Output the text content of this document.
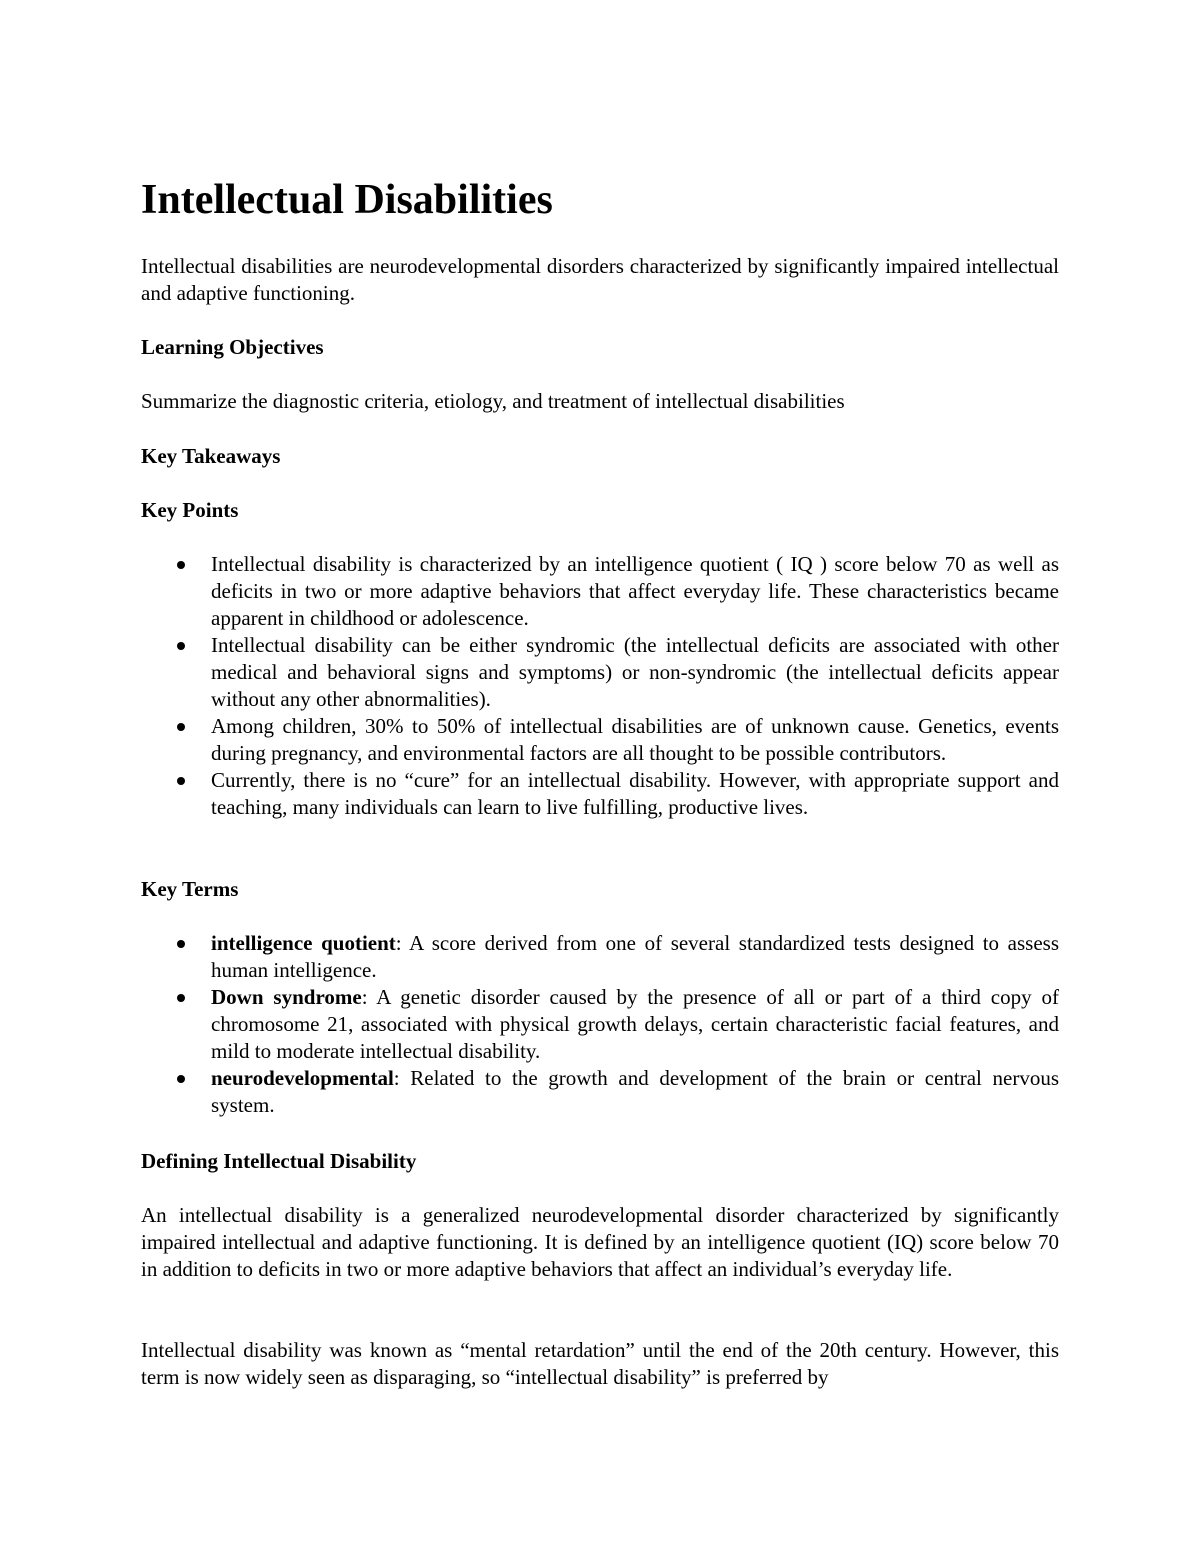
Intellectual Disabilities

Intellectual disabilities are neurodevelopmental disorders characterized by significantly impaired intellectual and adaptive functioning.

Learning Objectives

Summarize the diagnostic criteria, etiology, and treatment of intellectual disabilities

Key Takeaways

Key Points

Intellectual disability is characterized by an intelligence quotient ( IQ ) score below 70 as well as deficits in two or more adaptive behaviors that affect everyday life. These characteristics became apparent in childhood or adolescence.
Intellectual disability can be either syndromic (the intellectual deficits are associated with other medical and behavioral signs and symptoms) or non-syndromic (the intellectual deficits appear without any other abnormalities).
Among children, 30% to 50% of intellectual disabilities are of unknown cause. Genetics, events during pregnancy, and environmental factors are all thought to be possible contributors.
Currently, there is no “cure” for an intellectual disability. However, with appropriate support and teaching, many individuals can learn to live fulfilling, productive lives.

Key Terms

intelligence quotient: A score derived from one of several standardized tests designed to assess human intelligence.
Down syndrome: A genetic disorder caused by the presence of all or part of a third copy of chromosome 21, associated with physical growth delays, certain characteristic facial features, and mild to moderate intellectual disability.
neurodevelopmental: Related to the growth and development of the brain or central nervous system.

Defining Intellectual Disability

An intellectual disability is a generalized neurodevelopmental disorder characterized by significantly impaired intellectual and adaptive functioning. It is defined by an intelligence quotient (IQ) score below 70 in addition to deficits in two or more adaptive behaviors that affect an individual’s everyday life.

Intellectual disability was known as “mental retardation” until the end of the 20th century. However, this term is now widely seen as disparaging, so “intellectual disability” is preferred by
